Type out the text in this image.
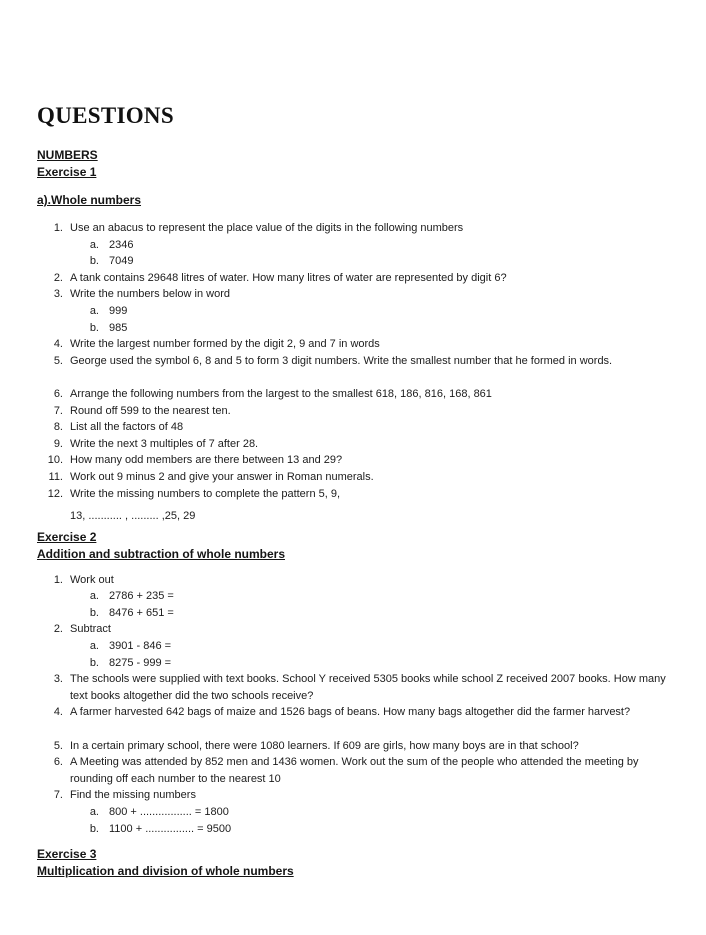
QUESTIONS

NUMBERS

Exercise 1

a).Whole numbers

1. Use an abacus to represent the place value of the digits in the following numbers
a. 2346
b. 7049
2. A tank contains 29648 litres of water. How many litres of water are represented by digit 6?
3. Write the numbers below in word
a. 999
b. 985
4. Write the largest number formed by the digit 2, 9 and 7 in words
5. George used the symbol 6, 8 and 5 to form 3 digit numbers. Write the smallest number that he formed in words.
6. Arrange the following numbers from the largest to the smallest 618, 186, 816, 168, 861
7. Round off 599 to the nearest ten.
8. List all the factors of 48
9. Write the next 3 multiples of 7 after 28.
10. How many odd members are there between 13 and 29?
11. Work out 9 minus 2 and give your answer in Roman numerals.
12. Write the missing numbers to complete the pattern 5, 9,

13, ........... , ......... ,25, 29

Exercise 2

Addition and subtraction of whole numbers

1. Work out
a. 2786 + 235 =
b. 8476 + 651 =
2. Subtract
a. 3901 - 846 =
b. 8275 - 999 =
3. The schools were supplied with text books. School Y received 5305 books while school Z received 2007 books. How many text books altogether did the two schools receive?
4. A farmer harvested 642 bags of maize and 1526 bags of beans. How many bags altogether did the farmer harvest?
5. In a certain primary school, there were 1080 learners. If 609 are girls, how many boys are in that school?
6. A Meeting was attended by 852 men and 1436 women. Work out the sum of the people who attended the meeting by rounding off each number to the nearest 10
7. Find the missing numbers
a. 800 + ................. = 1800
b. 1100 + ................ = 9500

Exercise 3

Multiplication and division of whole numbers
